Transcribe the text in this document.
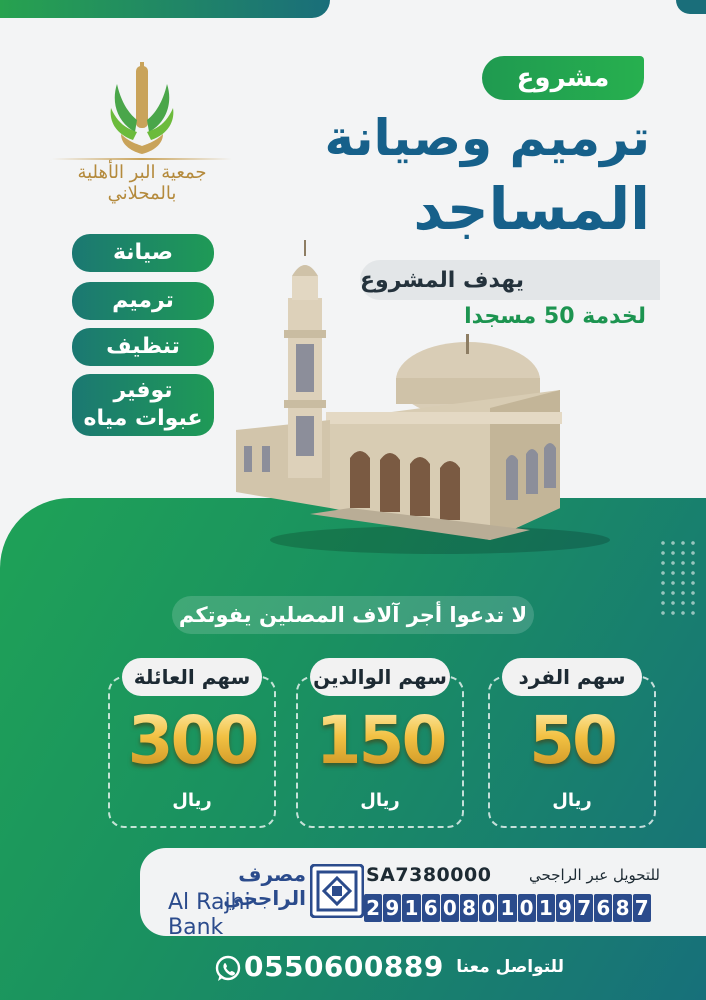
جمعية البر الأهلية بالمحلاني
مشروع
ترميم وصيانة
المساجد
يهدف المشروع
لخدمة 50 مسجدا
صيانة
ترميم
تنظيف
توفير
عبوات مياه
لا تدعوا أجر آلاف المصلين يفوتكم
سهم الفرد
50
ريال
سهم الوالدين
150
ريال
سهم العائلة
300
ريال
مصرف الراجحي
Al Rajhi Bank
للتحويل عبر الراجحي
SA7380000
2 9 1 6 0 8 0 1 0 1 9 7 6 8 7
للتواصل معنا
0550600889
